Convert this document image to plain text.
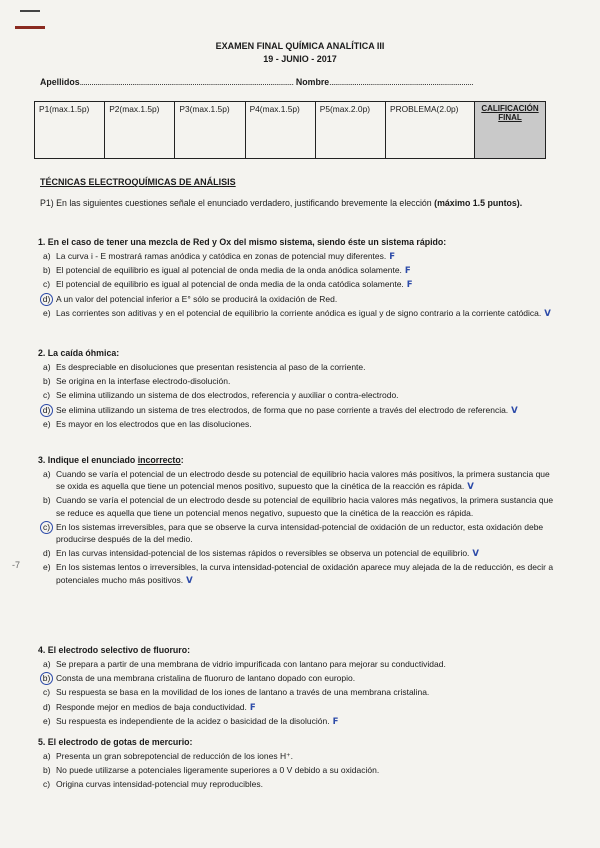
EXAMEN FINAL QUÍMICA ANALÍTICA III
19 - JUNIO - 2017
Apellidos.............................................................................................................. Nombre..........................................................................
P1(max.1.5p)	P2(max.1.5p)	P3(max.1.5p)	P4(max.1.5p)	P5(max.2.0p)	PROBLEMA(2.0p)	CALIFICACIÓN FINAL
TÉCNICAS ELECTROQUÍMICAS DE ANÁLISIS
P1) En las siguientes cuestiones señale el enunciado verdadero, justificando brevemente la elección (máximo 1.5 puntos).
1. En el caso de tener una mezcla de Red y Ox del mismo sistema, siendo éste un sistema rápido:
a) La curva i - E mostrará ramas anódica y catódica en zonas de potencial muy diferentes. F
b) El potencial de equilibrio es igual al potencial de onda media de la onda anódica solamente. F
c) El potencial de equilibrio es igual al potencial de onda media de la onda catódica solamente. F
d) A un valor del potencial inferior a E° sólo se producirá la oxidación de Red.
e) Las corrientes son aditivas y en el potencial de equilibrio la corriente anódica es igual y de signo contrario a la corriente catódica. V
2. La caída óhmica:
a) Es despreciable en disoluciones que presentan resistencia al paso de la corriente.
b) Se origina en la interfase electrodo-disolución.
c) Se elimina utilizando un sistema de dos electrodos, referencia y auxiliar o contra-electrodo.
d) Se elimina utilizando un sistema de tres electrodos, de forma que no pase corriente a través del electrodo de referencia. V
e) Es mayor en los electrodos que en las disoluciones.
3. Indique el enunciado incorrecto:
a) Cuando se varía el potencial de un electrodo desde su potencial de equilibrio hacia valores más positivos, la primera sustancia que se oxida es aquella que tiene un potencial menos positivo, supuesto que la cinética de la reacción es rápida. V
b) Cuando se varía el potencial de un electrodo desde su potencial de equilibrio hacia valores más negativos, la primera sustancia que se reduce es aquella que tiene un potencial menos negativo, supuesto que la cinética de la reacción es rápida.
c) En los sistemas irreversibles, para que se observe la curva intensidad-potencial de oxidación de un reductor, esta oxidación debe producirse después de la del medio.
d) En las curvas intensidad-potencial de los sistemas rápidos o reversibles se observa un potencial de equilibrio. V
e) En los sistemas lentos o irreversibles, la curva intensidad-potencial de oxidación aparece muy alejada de la de reducción, es decir a potenciales mucho más positivos. V
-7
4. El electrodo selectivo de fluoruro:
a) Se prepara a partir de una membrana de vidrio impurificada con lantano para mejorar su conductividad.
b) Consta de una membrana cristalina de fluoruro de lantano dopado con europio.
c) Su respuesta se basa en la movilidad de los iones de lantano a través de una membrana cristalina.
d) Responde mejor en medios de baja conductividad. F
e) Su respuesta es independiente de la acidez o basicidad de la disolución. F
5. El electrodo de gotas de mercurio:
a) Presenta un gran sobrepotencial de reducción de los iones H⁺.
b) No puede utilizarse a potenciales ligeramente superiores a 0 V debido a su oxidación.
c) Origina curvas intensidad-potencial muy reproducibles.
